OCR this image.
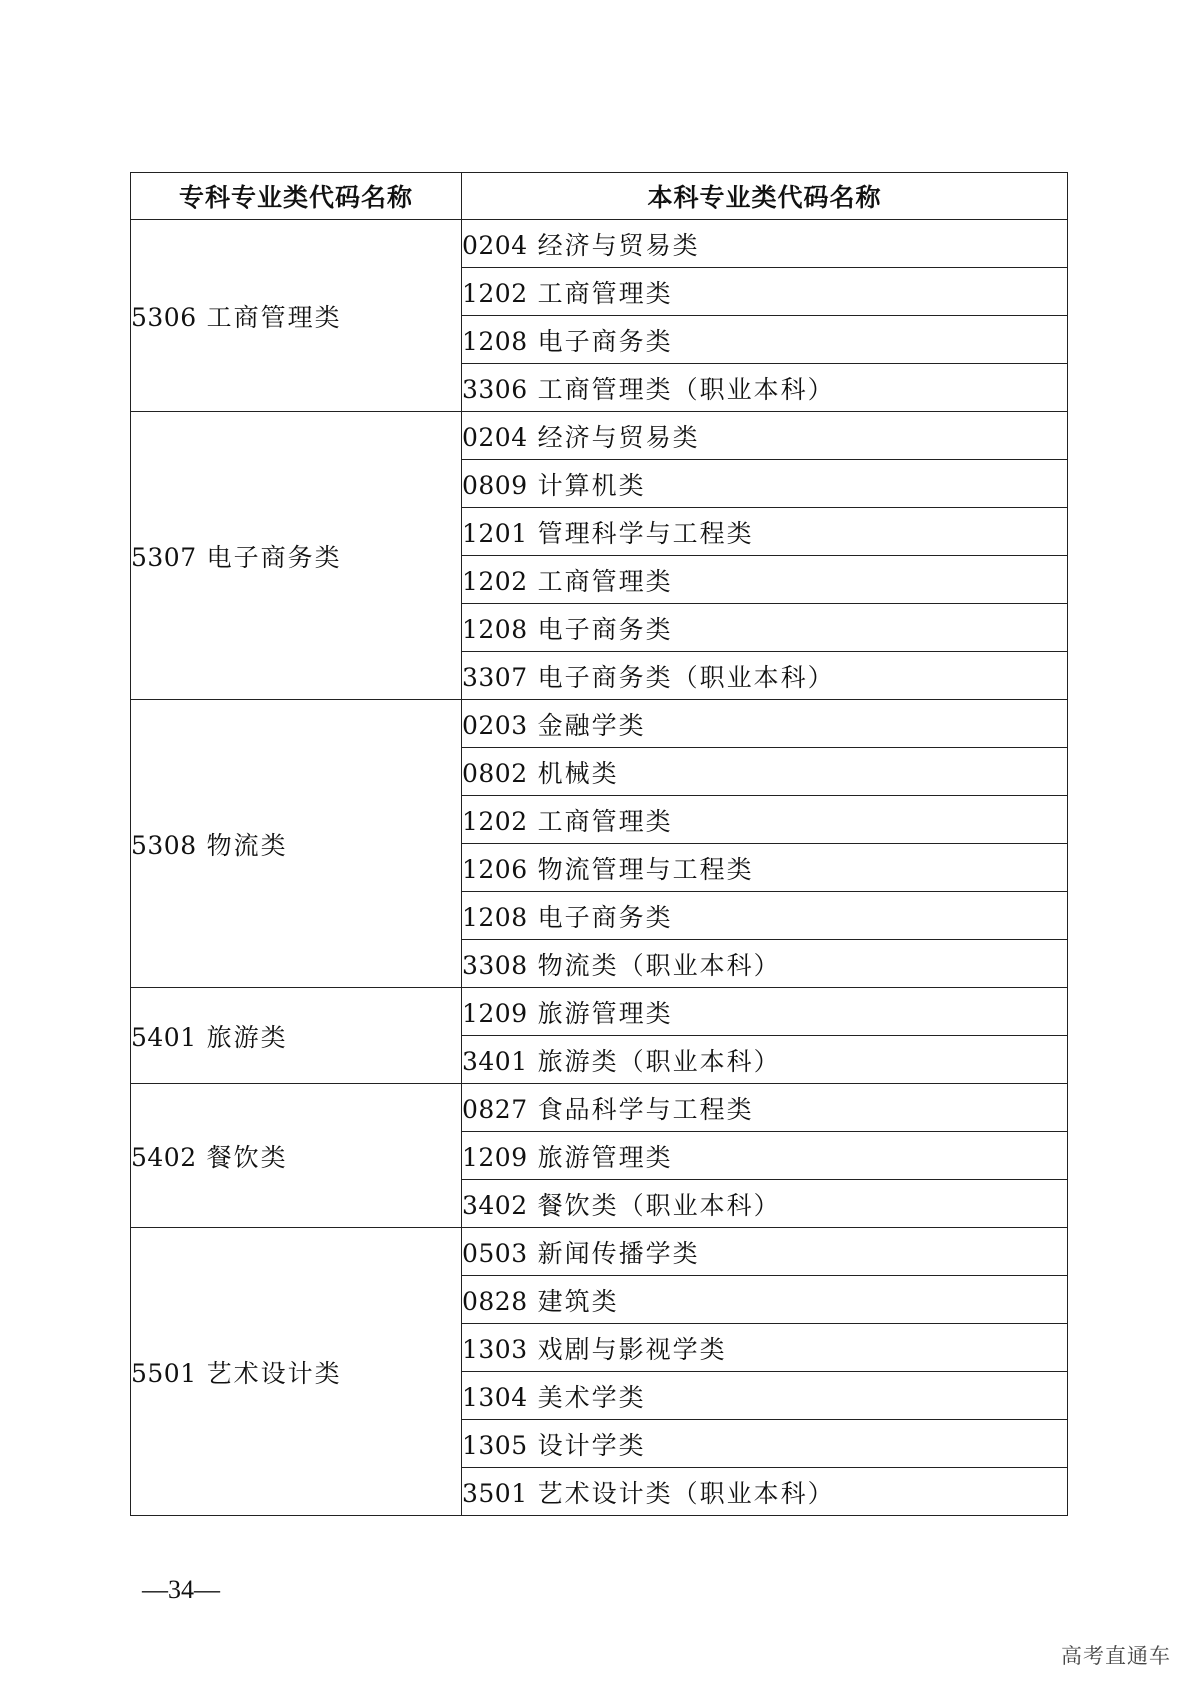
专科专业类代码名称	本科专业类代码名称
5306 工商管理类	0204 经济与贸易类
	1202 工商管理类
	1208 电子商务类
	3306 工商管理类（职业本科）
5307 电子商务类	0204 经济与贸易类
	0809 计算机类
	1201 管理科学与工程类
	1202 工商管理类
	1208 电子商务类
	3307 电子商务类（职业本科）
5308 物流类	0203 金融学类
	0802 机械类
	1202 工商管理类
	1206 物流管理与工程类
	1208 电子商务类
	3308 物流类（职业本科）
5401 旅游类	1209 旅游管理类
	3401 旅游类（职业本科）
5402 餐饮类	0827 食品科学与工程类
	1209 旅游管理类
	3402 餐饮类（职业本科）
5501 艺术设计类	0503 新闻传播学类
	0828 建筑类
	1303 戏剧与影视学类
	1304 美术学类
	1305 设计学类
	3501 艺术设计类（职业本科）
—34—
高考直通车
